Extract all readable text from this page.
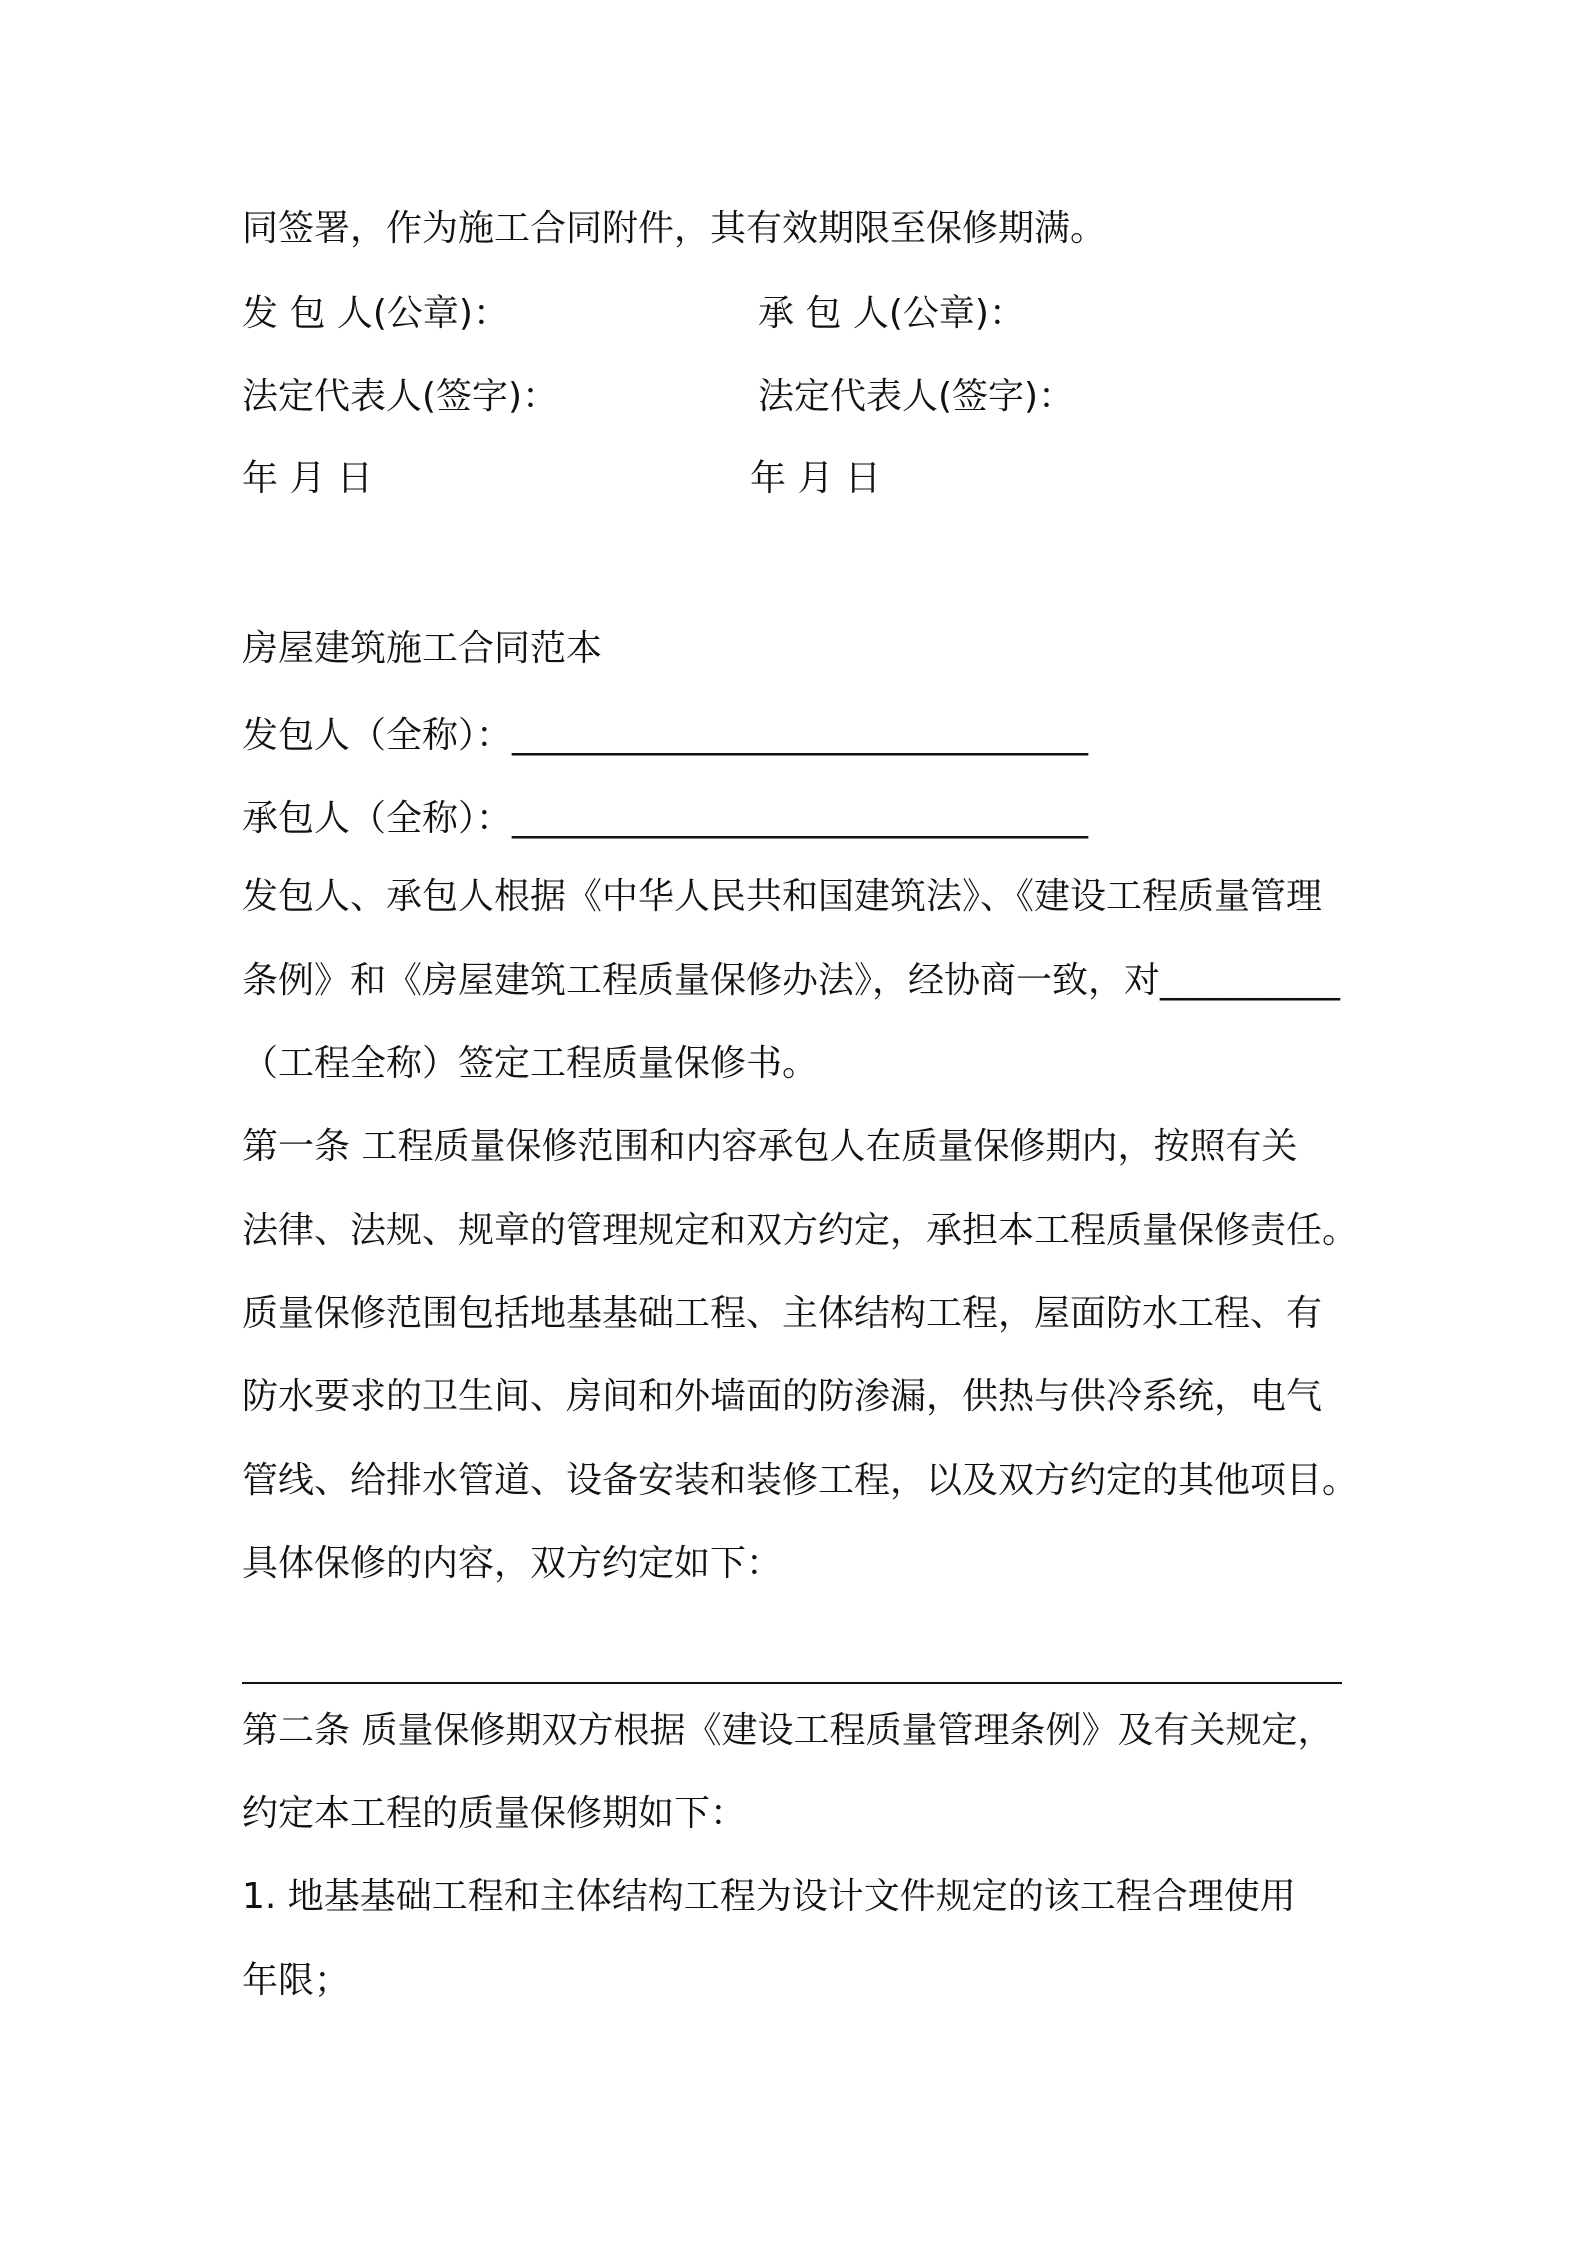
同签署，作为施工合同附件，其有效期限至保修期满。
发 包 人(公章)：	承 包 人(公章)：
法定代表人(签字)：	法定代表人(签字)：
年 月 日	年 月 日
房屋建筑施工合同范本
发包人（全称）：________________________________
承包人（全称）：________________________________
发包人、承包人根据《中华人民共和国建筑法》、《建设工程质量管理
条例》和《房屋建筑工程质量保修办法》，经协商一致，对__________
（工程全称）签定工程质量保修书。
第一条 工程质量保修范围和内容承包人在质量保修期内，按照有关
法律、法规、规章的管理规定和双方约定，承担本工程质量保修责任。
质量保修范围包括地基基础工程、主体结构工程，屋面防水工程、有
防水要求的卫生间、房间和外墙面的防渗漏，供热与供冷系统，电气
管线、给排水管道、设备安装和装修工程，以及双方约定的其他项目。
具体保修的内容，双方约定如下：
第二条 质量保修期双方根据《建设工程质量管理条例》及有关规定，
约定本工程的质量保修期如下：
1. 地基基础工程和主体结构工程为设计文件规定的该工程合理使用
年限；
